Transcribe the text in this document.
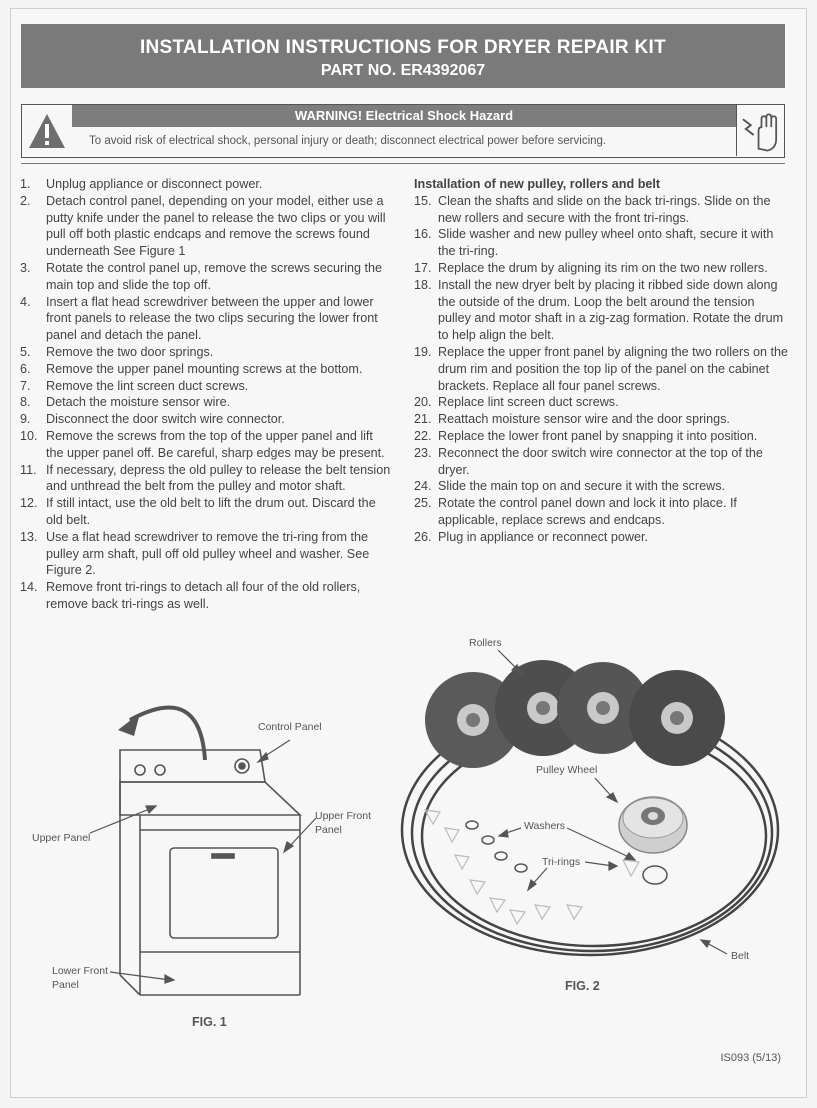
INSTALLATION INSTRUCTIONS FOR DRYER REPAIR KIT
PART NO. ER4392067
WARNING! Electrical Shock Hazard
To avoid risk of electrical shock, personal injury or death; disconnect electrical power before servicing.
1.	Unplug appliance or disconnect power.
2.	Detach control panel, depending on your model, either use a putty knife under the panel to release the two clips or you will pull off both plastic endcaps and remove the screws found underneath See Figure 1
3.	Rotate the control panel up, remove the screws securing the main top and slide the top off.
4.	Insert a flat head screwdriver between the upper and lower front panels to release the two clips securing the lower front panel and detach the panel.
5.	Remove the two door springs.
6.	Remove the upper panel mounting screws at the bottom.
7.	Remove the lint screen duct screws.
8.	Detach the moisture sensor wire.
9.	Disconnect the door switch wire connector.
10. Remove the screws from the top of the upper panel and lift the upper panel off. Be careful, sharp edges may be present.
11. If necessary, depress the old pulley to release the belt tension and unthread the belt from the pulley and motor shaft.
12. If still intact, use the old belt to lift the drum out. Discard the old belt.
13. Use a flat head screwdriver to remove the tri-ring from the pulley arm shaft, pull off old pulley wheel and washer. See Figure 2.
14. Remove front tri-rings to detach all four of the old rollers, remove back tri-rings as well.
Installation of new pulley, rollers and belt
15. Clean the shafts and slide on the back tri-rings. Slide on the new rollers and secure with the front tri-rings.
16. Slide washer and new pulley wheel onto shaft, secure it with the tri-ring.
17. Replace the drum by aligning its rim on the two new rollers.
18. Install the new dryer belt by placing it ribbed side down along the outside of the drum. Loop the belt around the tension pulley and motor shaft in a zig-zag formation. Rotate the drum to help align the belt.
19. Replace the upper front panel by aligning the two rollers on the drum rim and position the top lip of the panel on the cabinet brackets. Replace all four panel screws.
20. Replace lint screen duct screws.
21. Reattach moisture sensor wire and the door springs.
22. Replace the lower front panel by snapping it into position.
23. Reconnect the door switch wire connector at the top of the dryer.
24. Slide the main top on and secure it with the screws.
25. Rotate the control panel down and lock it into place. If applicable, replace screws and endcaps.
26. Plug in appliance or reconnect power.
Control Panel
Upper Panel
Upper Front
Panel
Lower Front
Panel
FIG. 1
Rollers
Pulley Wheel
Washers
Tri-rings
Belt
FIG. 2
IS093 (5/13)
